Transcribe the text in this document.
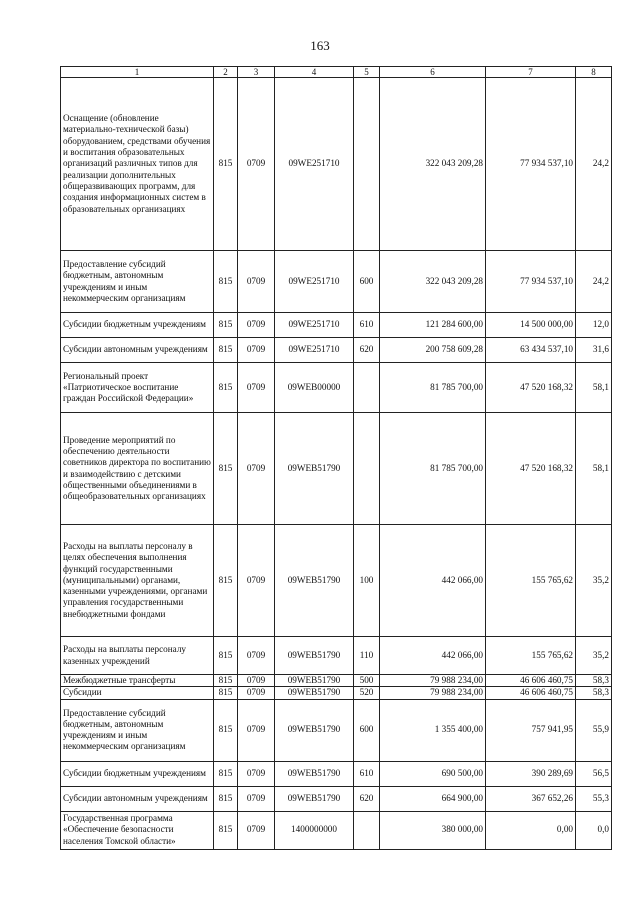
163
1	2	3	4	5	6	7	8
Оснащение (обновление материально-технической базы) оборудованием, средствами обучения и воспитания образовательных организаций различных типов для реализации дополнительных общеразвивающих программ, для создания информационных систем в образовательных организациях	815	0709	09WE251710		322 043 209,28	77 934 537,10	24,2
Предоставление субсидий бюджетным, автономным учреждениям и иным некоммерческим организациям	815	0709	09WE251710	600	322 043 209,28	77 934 537,10	24,2
Субсидии бюджетным учреждениям	815	0709	09WE251710	610	121 284 600,00	14 500 000,00	12,0
Субсидии автономным учреждениям	815	0709	09WE251710	620	200 758 609,28	63 434 537,10	31,6
Региональный проект «Патриотическое воспитание граждан Российской Федерации»	815	0709	09WEB00000		81 785 700,00	47 520 168,32	58,1
Проведение мероприятий по обеспечению деятельности советников директора по воспитанию и взаимодействию с детскими общественными объединениями в общеобразовательных организациях	815	0709	09WEB51790		81 785 700,00	47 520 168,32	58,1
Расходы на выплаты персоналу в целях обеспечения выполнения функций государственными (муниципальными) органами, казенными учреждениями, органами управления государственными внебюджетными фондами	815	0709	09WEB51790	100	442 066,00	155 765,62	35,2
Расходы на выплаты персоналу казенных учреждений	815	0709	09WEB51790	110	442 066,00	155 765,62	35,2
Межбюджетные трансферты	815	0709	09WEB51790	500	79 988 234,00	46 606 460,75	58,3
Субсидии	815	0709	09WEB51790	520	79 988 234,00	46 606 460,75	58,3
Предоставление субсидий бюджетным, автономным учреждениям и иным некоммерческим организациям	815	0709	09WEB51790	600	1 355 400,00	757 941,95	55,9
Субсидии бюджетным учреждениям	815	0709	09WEB51790	610	690 500,00	390 289,69	56,5
Субсидии автономным учреждениям	815	0709	09WEB51790	620	664 900,00	367 652,26	55,3
Государственная программа «Обеспечение безопасности населения Томской области»	815	0709	1400000000		380 000,00	0,00	0,0
